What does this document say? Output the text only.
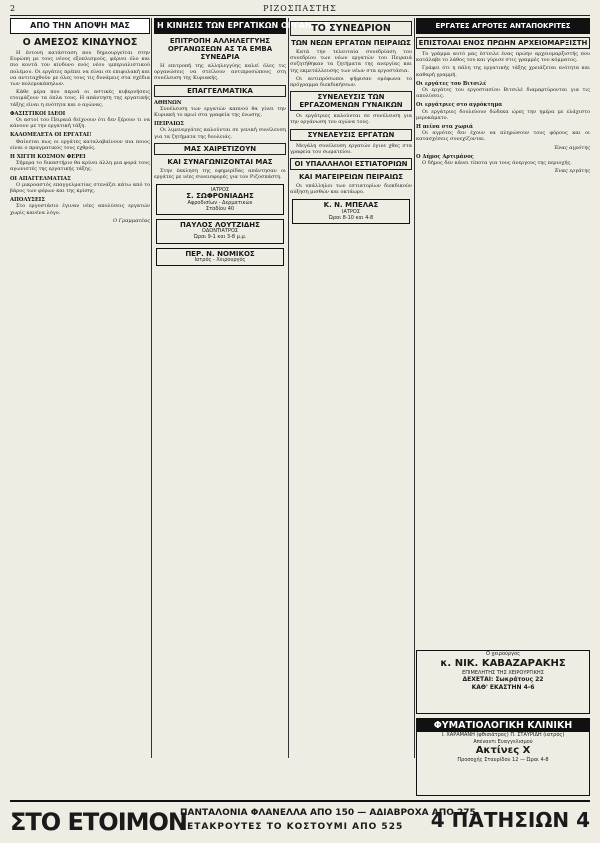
2	ΡΙΖΟΣΠΑΣΤΗΣ
ΑΠΟ ΤΗΝ ΑΠΟΨΗ ΜΑΣ
Ο ΑΜΕΣΟΣ ΚΙΝΔΥΝΟΣ

Η έντονη κατάσταση που δημιουργείται στην Ευρώπη με τους νέους εξοπλισμούς, φέρνει όλο και πιο κοντά τον κίνδυνο ενός νέου ιμπεριαλιστικού πολέμου. Οι εργάτες πρέπει να είναι σε επιφυλακή και να αντιταχθούν με όλες τους τις δυνάμεις στα σχέδια των πολεμοκάπηλων.

Κάθε μέρα που περνά οι αστικές κυβερνήσεις ετοιμάζουν τα όπλα τους. Η απάντηση της εργατικής τάξης είναι η ενότητα και ο αγώνας.

ΦΑΣΙΣΤΙΚΟΙ ΙΔΕΟΙ

Οι αστοί του Πειραιά δείχνουν ότι δεν ξέρουν τι να κάνουν με την εργατική τάξη.

ΚΑΛΟΜΕΛΕΤΑ ΟΙ ΕΡΓΑΤΑΙ!

Φαίνεται πως οι εργάτες καταλαβαίνουν πια ποιος είναι ο πραγματικός τους εχθρός.

Η ΧΙΓΓΗ ΚΟΣΜΟΝ ΦΕΡΕΙ

Σήμερα το δικαστήριο θα κρίνει άλλη μια φορά τους αγωνιστές της εργατικής τάξης.

ΟΙ ΑΠΑΓΓΕΛΜΑΤΙΑΣ

Ο μικροαστός επαγγελματίας στενάζει κάτω από το βάρος των φόρων και της κρίσης.

ΑΠΟΛΥΣΕΙΣ

Στο εργοστάσιο έγιναν νέες απολύσεις εργατών χωρίς κανένα λόγο.

Ο Γραμματέας
Η ΚΙΝΗΣΙΣ ΤΩΝ ΕΡΓΑΤΙΚΩΝ ΟΡΓΑΝΩΣΕΩΝ
ΕΠΙΤΡΟΠΗ ΑΛΛΗΛΕΓΓΥΗΣ ΟΡΓΑΝΩΣΕΩΝ ΑΣ ΤΑ ΕΜΒΑ ΣΥΝΕΔΡΙΑ

Η επιτροπή της αλληλεγγύης καλεί όλες τις οργανώσεις να στείλουν αντιπροσώπους στη συνέλευση της Κυριακής.

ΕΠΑΓΓΕΛΜΑΤΙΚΑ
ΑΘΗΝΩΝ

Συνέλευση των εργατών καπνού θα γίνει την Κυριακή το πρωί στα γραφεία της ένωσης.

ΠΕΙΡΑΙΩΣ

Οι λιμενεργάτες καλούνται σε γενική συνέλευση για τα ζητήματα της δουλειάς.

ΜΑΣ ΧΑΙΡΕΤΙΖΟΥΝ
ΚΑΙ ΣΥΝΑΓΩΝΙΖΟΝΤΑΙ ΜΑΣ

Στην έκκληση της εφημερίδας απάντησαν οι εργάτες με νέες συνεισφορές για τον Ριζοσπάστη.

ΙΑΤΡΟΣ
Σ. ΣΩΦΡΟΝΙΑΔΗΣ
Αφροδισίων - Δερματικών
Σταδίου 40
ΠΑΥΛΟΣ ΛΟΥΤΖΙΔΗΣ
ΟΔΟΝΤΙΑΤΡΟΣ
Ώραι 9-1 και 3-8 μ.μ.
ΠΕΡ. Ν. ΝΟΜΙΚΟΣ
Ιατρός - Χειρουργός
ΤΟ ΣΥΝΕΔΡΙΟΝ
ΤΩΝ ΝΕΩΝ ΕΡΓΑΤΩΝ ΠΕΙΡΑΙΩΣ

Κατά την τελευταία συνεδρίαση του συνεδρίου των νέων εργατών του Πειραιά συζητήθηκαν τα ζητήματα της ανεργίας και της εκμετάλλευσης των νέων στα εργοστάσια.

Οι αντιπρόσωποι ψήφισαν ομόφωνα το πρόγραμμα διεκδικήσεων.

ΣΥΝΕΛΕΥΣΙΣ ΤΩΝ ΕΡΓΑΖΟΜΕΝΩΝ ΓΥΝΑΙΚΩΝ

Οι εργάτριες καλούνται σε συνέλευση για την οργάνωση του αγώνα τους.

ΣΥΝΕΛΕΥΣΙΣ ΕΡΓΑΤΩΝ

Μεγάλη συνέλευση εργατών έγινε χθες στα γραφεία του σωματείου.

ΟΙ ΥΠΑΛΛΗΛΟΙ ΕΣΤΙΑΤΟΡΙΩΝ
ΚΑΙ ΜΑΓΕΙΡΕΙΩΝ ΠΕΙΡΑΙΩΣ

Οι υπάλληλοι των εστιατορίων διεκδικούν αύξηση μισθών και οκτάωρο.

Κ. Ν. ΜΠΕΛΑΣ
ΙΑΤΡΟΣ
Ώραι 8-10 και 4-8
ΕΡΓΑΤΕΣ ΑΓΡΟΤΕΣ ΑΝΤΑΠΟΚΡΙΤΕΣ
ΕΠΙΣΤΟΛΑΙ ΕΝΟΣ ΠΡΩΗΝ ΑΡΧΕΙΟΜΑΡΞΙΣΤΗ

Το γράμμα αυτό μας έστειλε ένας πρώην αρχειομαρξιστής που κατάλαβε το λάθος του και γύρισε στις γραμμές του κόμματος.

Γράφει ότι η πάλη της εργατικής τάξης χρειάζεται ενότητα και καθαρή γραμμή.

Οι εργάτες του Βιτσιλέ

Οι εργάτες του εργοστασίου Βιτσιλέ διαμαρτύρονται για τις απολύσεις.

Οι εργάτριες στο αγρόκτημα

Οι εργάτριες δουλεύουν δώδεκα ώρες την ημέρα με ελάχιστο μεροκάματο.

Η πείνα στα χωριά

Οι αγρότες δεν έχουν να πληρώσουν τους φόρους και οι κατασχέσεις συνεχίζονται.

Ένας αγρότης
Ο Δήμος Αρτιμάνος

Ο δήμος δεν κάνει τίποτα για τους άνεργους της περιοχής.

Ένας εργάτης
Ο χειρούργος
κ. ΝΙΚ. ΚΑΒΑΖΑΡΑΚΗΣ
ΕΠΙΜΕΛΗΤΗΣ ΤΗΣ ΧΕΙΡΟΥΡΓΙΚΗΣ
ΔΕΧΕΤΑΙ: Σωκράτους 22
ΚΑΘ' ΕΚΑΣΤΗΝ 4-6
ΦΥΜΑΤΙΟΛΟΓΙΚΗ ΚΛΙΝΙΚΗ
Ι. ΧΑΡΑΜΑΝΗ (φθισιάτρος) Π. ΣΤΑΥΡΙΔΗ (ιατρός)
Απέναντι Ευαγγελισμού
Ακτίνες Χ
Προσοχής Σταυρίδου 12 — Ώραι 4-8
ΣΤΟ ΕΤΟΙΜΟΝ
ΠΑΝΤΑΛΟΝΙΑ ΦΛΑΝΕΛΛΑ ΑΠΟ 150 — ΑΔΙΑΒΡΟΧΑ ΑΠΟ 275
ΣΕΤΑΚΡΟΥΤΕΣ ΤΟ ΚΟΣΤΟΥΜΙ ΑΠΟ 525 4 ΠΑΤΗΣΙΩΝ 4
